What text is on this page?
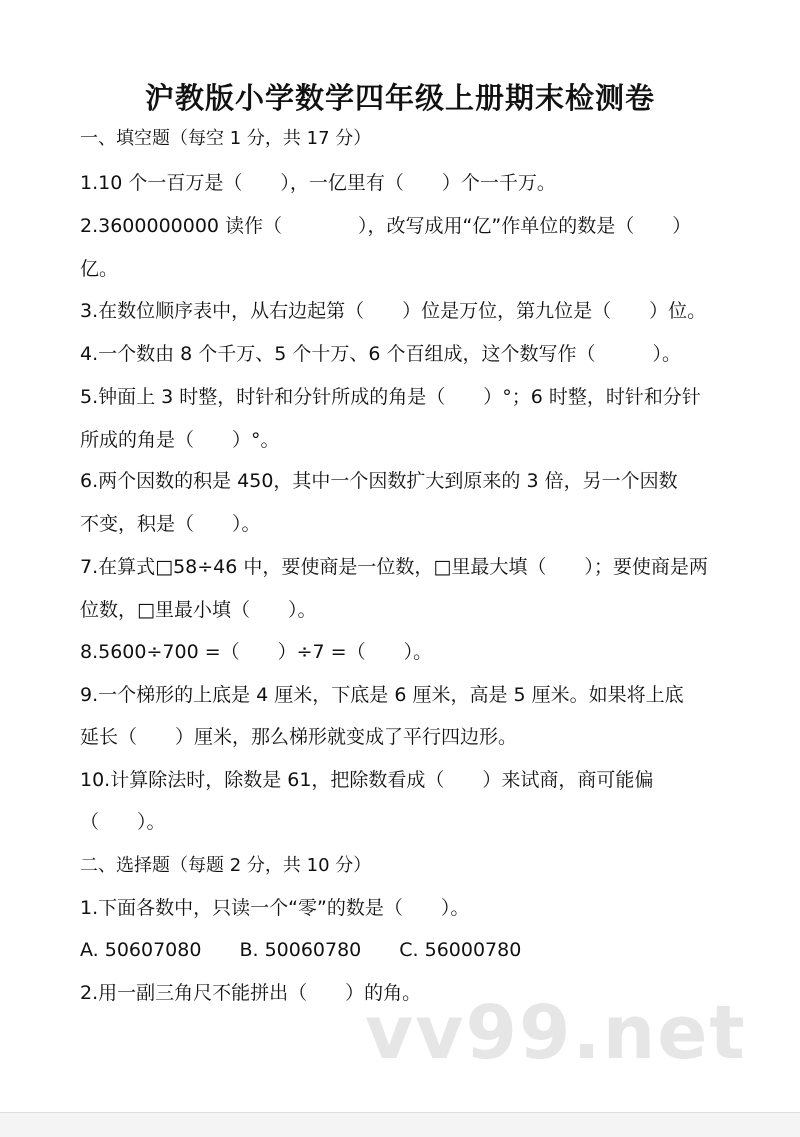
沪教版小学数学四年级上册期末检测卷

一、填空题（每空 1 分，共 17 分）

1.10 个一百万是（　　），一亿里有（　　）个一千万。

2.3600000000 读作（　　　　），改写成用“亿”作单位的数是（　　）

亿。

3.在数位顺序表中，从右边起第（　　）位是万位，第九位是（　　）位。

4.一个数由 8 个千万、5 个十万、6 个百组成，这个数写作（　　　）。

5.钟面上 3 时整，时针和分针所成的角是（　　）°；6 时整，时针和分针

所成的角是（　　）°。

6.两个因数的积是 450，其中一个因数扩大到原来的 3 倍，另一个因数

不变，积是（　　）。

7.在算式□58÷46 中，要使商是一位数，□里最大填（　　）；要使商是两

位数，□里最小填（　　）。

8.5600÷700 =（　　）÷7 =（　　）。

9.一个梯形的上底是 4 厘米，下底是 6 厘米，高是 5 厘米。如果将上底

延长（　　）厘米，那么梯形就变成了平行四边形。

10.计算除法时，除数是 61，把除数看成（　　）来试商，商可能偏

（　　）。

二、选择题（每题 2 分，共 10 分）

1.下面各数中，只读一个“零”的数是（　　）。

A. 50607080　　B. 50060780　　C. 56000780

2.用一副三角尺不能拼出（　　）的角。

vv99.net
